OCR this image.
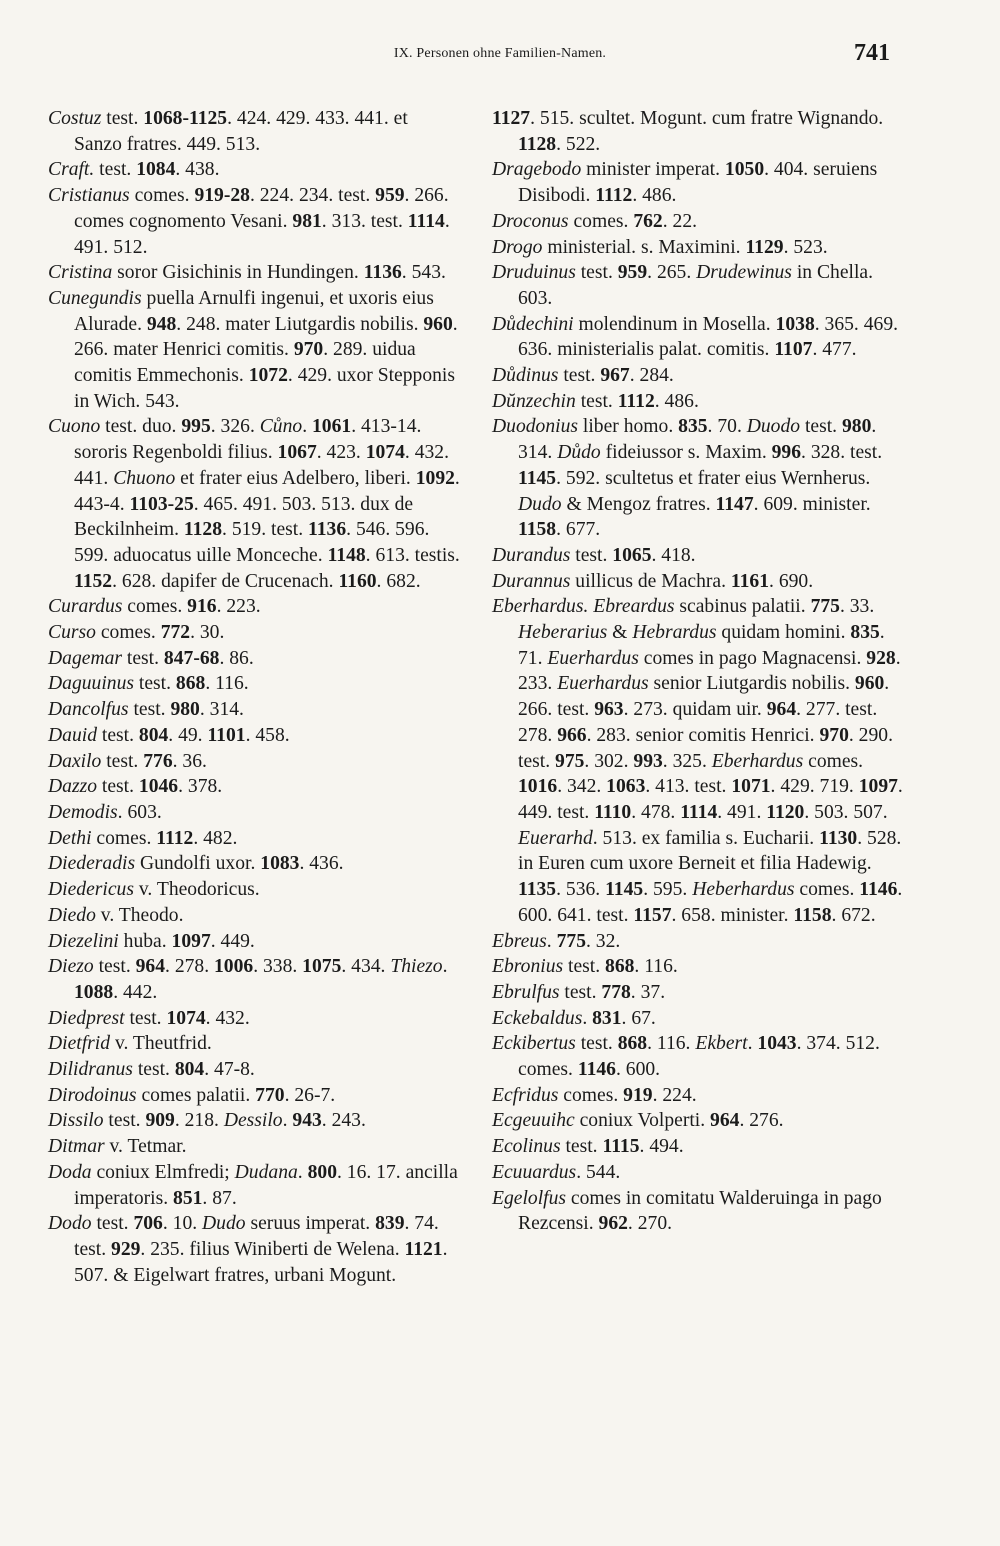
IX. Personen ohne Familien-Namen.	741

Costuz test. 1068-1125. 424. 429. 433. 441. et Sanzo fratres. 449. 513.

Craft. test. 1084. 438.

Cristianus comes. 919-28. 224. 234. test. 959. 266. comes cognomento Vesani. 981. 313. test. 1114. 491. 512.

Cristina soror Gisichinis in Hundingen. 1136. 543.

Cunegundis puella Arnulfi ingenui, et uxoris eius Alurade. 948. 248. mater Liutgardis nobilis. 960. 266. mater Henrici comitis. 970. 289. uidua comitis Emmechonis. 1072. 429. uxor Stepponis in Wich. 543.

Cuono test. duo. 995. 326. Cůno. 1061. 413-14. sororis Regenboldi filius. 1067. 423. 1074. 432. 441. Chuono et frater eius Adelbero, liberi. 1092. 443-4. 1103-25. 465. 491. 503. 513. dux de Beckilnheim. 1128. 519. test. 1136. 546. 596. 599. aduocatus uille Monceche. 1148. 613. testis. 1152. 628. dapifer de Crucenach. 1160. 682.

Curardus comes. 916. 223.

Curso comes. 772. 30.

Dagemar test. 847-68. 86.

Daguuinus test. 868. 116.

Dancolfus test. 980. 314.

Dauid test. 804. 49. 1101. 458.

Daxilo test. 776. 36.

Dazzo test. 1046. 378.

Demodis. 603.

Dethi comes. 1112. 482.

Diederadis Gundolfi uxor. 1083. 436.

Diedericus v. Theodoricus.

Diedo v. Theodo.

Diezelini huba. 1097. 449.

Diezo test. 964. 278. 1006. 338. 1075. 434. Thiezo. 1088. 442.

Diedprest test. 1074. 432.

Dietfrid v. Theutfrid.

Dilidranus test. 804. 47-8.

Dirodoinus comes palatii. 770. 26-7.

Dissilo test. 909. 218. Dessilo. 943. 243.

Ditmar v. Tetmar.

Doda coniux Elmfredi; Dudana. 800. 16. 17. ancilla imperatoris. 851. 87.

Dodo test. 706. 10. Dudo seruus imperat. 839. 74. test. 929. 235. filius Winiberti de Welena. 1121. 507. & Eigelwart fratres, urbani Mogunt.

1127. 515. scultet. Mogunt. cum fratre Wignando. 1128. 522.

Dragebodo minister imperat. 1050. 404. seruiens Disibodi. 1112. 486.

Droconus comes. 762. 22.

Drogo ministerial. s. Maximini. 1129. 523.

Druduinus test. 959. 265. Drudewinus in Chella. 603.

Důdechini molendinum in Mosella. 1038. 365. 469. 636. ministerialis palat. comitis. 1107. 477.

Důdinus test. 967. 284.

Dŭnzechin test. 1112. 486.

Duodonius liber homo. 835. 70. Duodo test. 980. 314. Důdo fideiussor s. Maxim. 996. 328. test. 1145. 592. scultetus et frater eius Wernherus. Dudo & Mengoz fratres. 1147. 609. minister. 1158. 677.

Durandus test. 1065. 418.

Durannus uillicus de Machra. 1161. 690.

Eberhardus. Ebreardus scabinus palatii. 775. 33. Heberarius & Hebrardus quidam homini. 835. 71. Euerhardus comes in pago Magnacensi. 928. 233. Euerhardus senior Liutgardis nobilis. 960. 266. test. 963. 273. quidam uir. 964. 277. test. 278. 966. 283. senior comitis Henrici. 970. 290. test. 975. 302. 993. 325. Eberhardus comes. 1016. 342. 1063. 413. test. 1071. 429. 719. 1097. 449. test. 1110. 478. 1114. 491. 1120. 503. 507. Euerarhd. 513. ex familia s. Eucharii. 1130. 528. in Euren cum uxore Berneit et filia Hadewig. 1135. 536. 1145. 595. Heberhardus comes. 1146. 600. 641. test. 1157. 658. minister. 1158. 672.

Ebreus. 775. 32.

Ebronius test. 868. 116.

Ebrulfus test. 778. 37.

Eckebaldus. 831. 67.

Eckibertus test. 868. 116. Ekbert. 1043. 374. 512. comes. 1146. 600.

Ecfridus comes. 919. 224.

Ecgeuuihc coniux Volperti. 964. 276.

Ecolinus test. 1115. 494.

Ecuuardus. 544.

Egelolfus comes in comitatu Walderuinga in pago Rezcensi. 962. 270.
